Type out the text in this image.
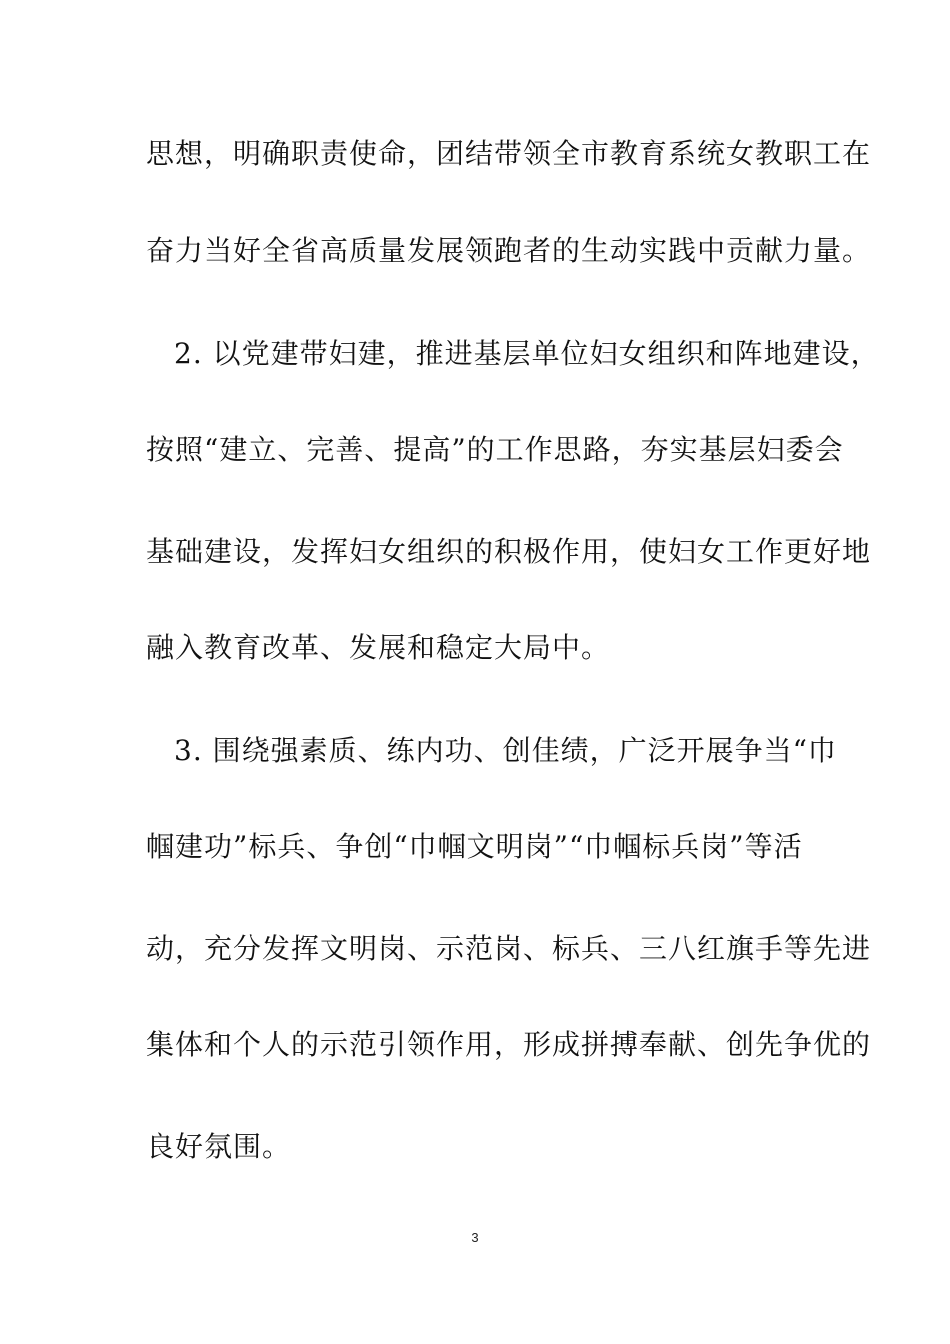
思想，明确职责使命，团结带领全市教育系统女教职工在
奋力当好全省高质量发展领跑者的生动实践中贡献力量。
2. 以党建带妇建，推进基层单位妇女组织和阵地建设，
按照“建立、完善、提高”的工作思路，夯实基层妇委会
基础建设，发挥妇女组织的积极作用，使妇女工作更好地
融入教育改革、发展和稳定大局中。
3. 围绕强素质、练内功、创佳绩，广泛开展争当“巾
帼建功”标兵、争创“巾帼文明岗”“巾帼标兵岗”等活
动，充分发挥文明岗、示范岗、标兵、三八红旗手等先进
集体和个人的示范引领作用，形成拼搏奉献、创先争优的
良好氛围。
3
